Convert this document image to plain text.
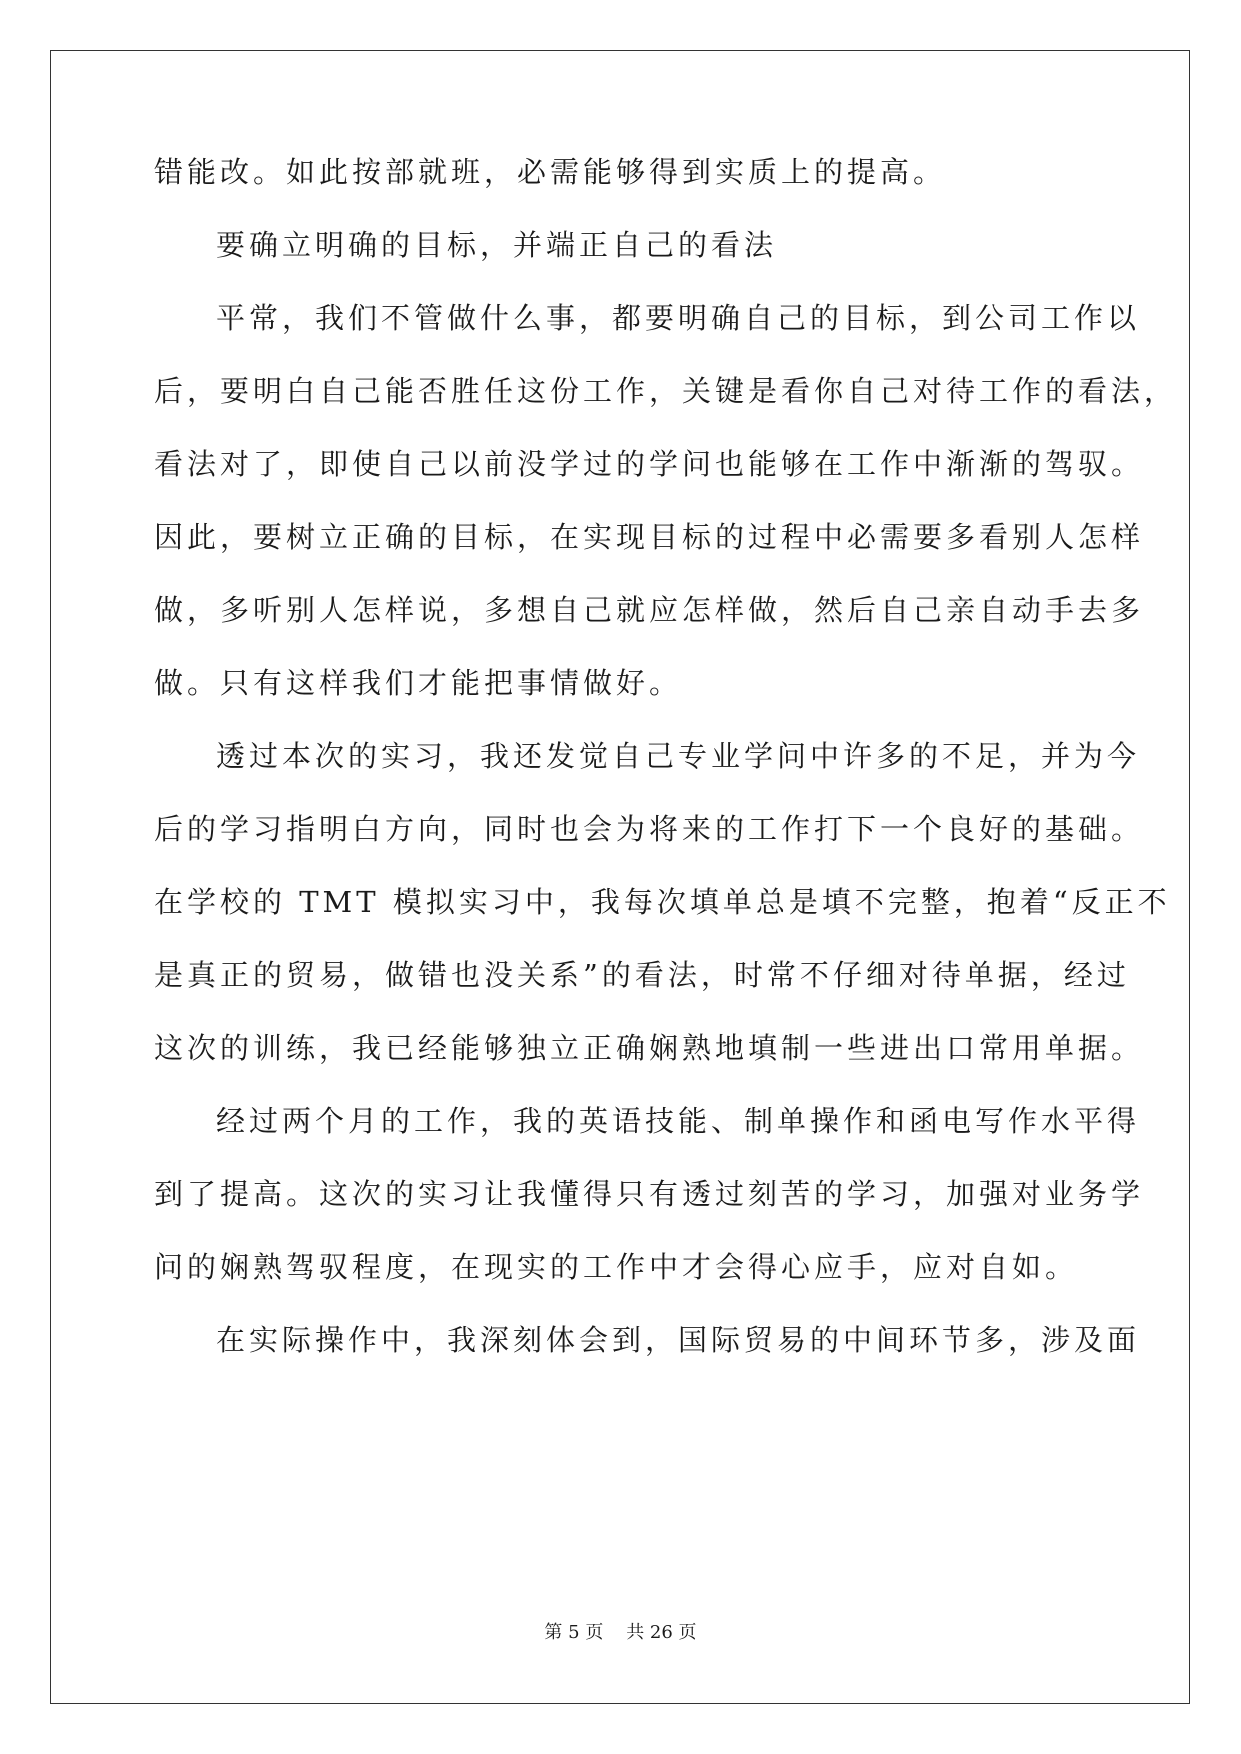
错能改。如此按部就班，必需能够得到实质上的提高。
要确立明确的目标，并端正自己的看法
平常，我们不管做什么事，都要明确自己的目标，到公司工作以
后，要明白自己能否胜任这份工作，关键是看你自己对待工作的看法，
看法对了，即使自己以前没学过的学问也能够在工作中渐渐的驾驭。
因此，要树立正确的目标，在实现目标的过程中必需要多看别人怎样
做，多听别人怎样说，多想自己就应怎样做，然后自己亲自动手去多
做。只有这样我们才能把事情做好。
透过本次的实习，我还发觉自己专业学问中许多的不足，并为今
后的学习指明白方向，同时也会为将来的工作打下一个良好的基础。
在学校的 TMT 模拟实习中，我每次填单总是填不完整，抱着“反正不
是真正的贸易，做错也没关系”的看法，时常不仔细对待单据，经过
这次的训练，我已经能够独立正确娴熟地填制一些进出口常用单据。
经过两个月的工作，我的英语技能、制单操作和函电写作水平得
到了提高。这次的实习让我懂得只有透过刻苦的学习，加强对业务学
问的娴熟驾驭程度，在现实的工作中才会得心应手，应对自如。
在实际操作中，我深刻体会到，国际贸易的中间环节多，涉及面
第 5 页    共 26 页
